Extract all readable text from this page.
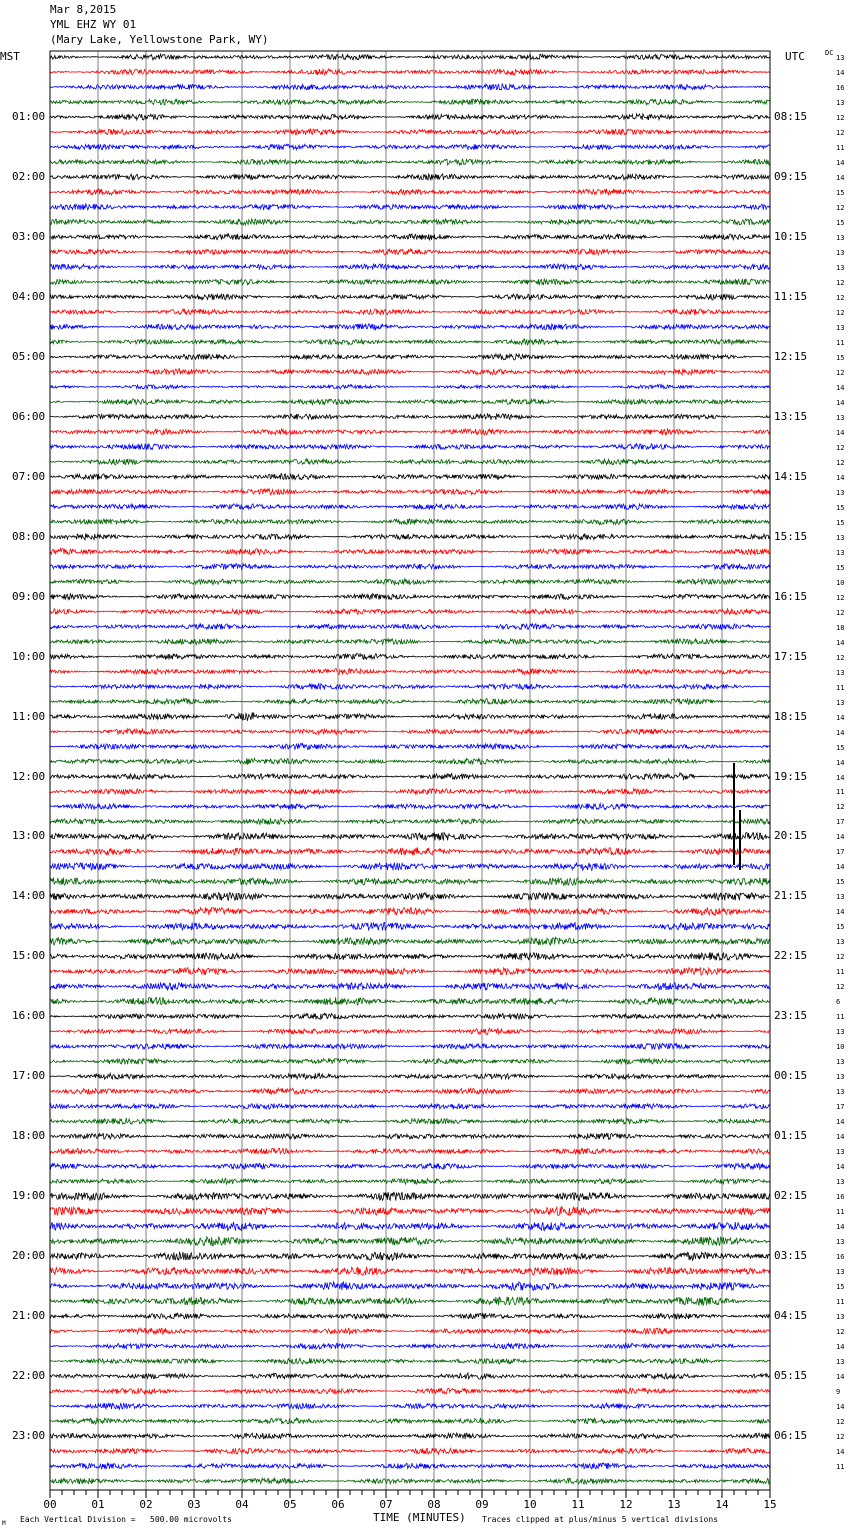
Mar 8,2015
YML EHZ WY 01
(Mary Lake, Yellowstone Park, WY)
MST	UTC	DC
00	01	02	03	04	05	06	07	08	09	10	11	12	13	14	15
01:00
02:00
03:00
04:00
05:00
06:00
07:00
08:00
09:00
10:00
11:00
12:00
13:00
14:00
15:00
16:00
17:00
18:00
19:00
20:00
21:00
22:00
23:00
08:15
09:15
10:15
11:15
12:15
13:15
14:15
15:15
16:15
17:15
18:15
19:15
20:15
21:15
22:15
23:15
00:15
01:15
02:15
03:15
04:15
05:15
06:15
13
14
16
13
12
12
11
14
14
15
12
15
13
13
13
12
12
12
13
11
15
12
14
14
13
14
12
12
14
13
15
15
13
13
15
10
12
12
18
14
12
13
11
13
14
14
15
14
14
11
12
17
14
17
14
15
13
14
15
13
12
11
12
6
11
13
10
13
13
13
17
14
14
13
14
13
16
11
14
13
16
13
15
11
13
12
14
13
14
9
14
12
12
14
11
TIME (MINUTES)
M Each Vertical Division =   500.00 microvolts	Traces clipped at plus/minus 5 vertical divisions
